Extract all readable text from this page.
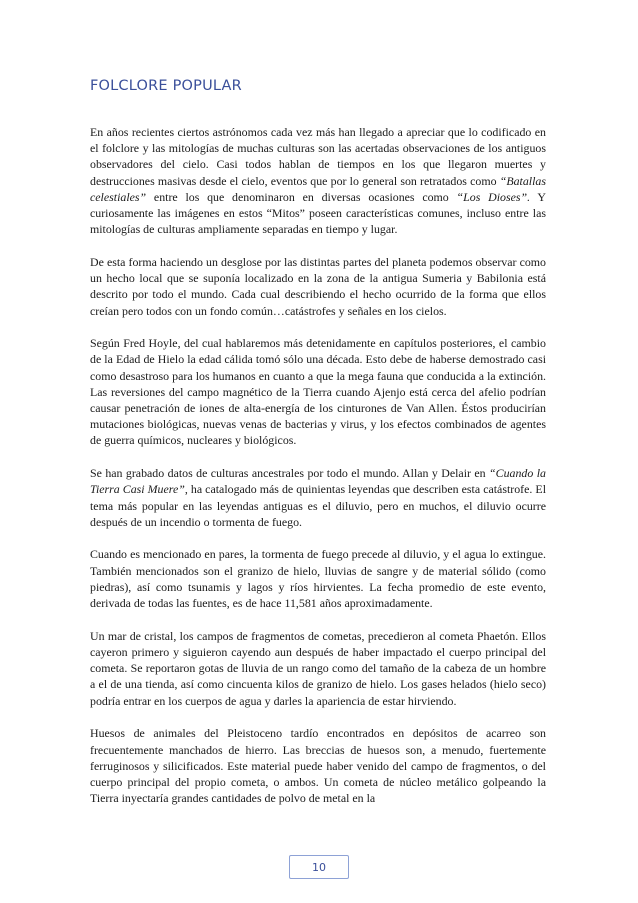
FOLCLORE POPULAR

En años recientes ciertos astrónomos cada vez más han llegado a apreciar que lo codificado en el folclore y las mitologías de muchas culturas son las acertadas observaciones de los antiguos observadores del cielo. Casi todos hablan de tiempos en los que llegaron muertes y destrucciones masivas desde el cielo, eventos que por lo general son retratados como “Batallas celestiales” entre los que denominaron en diversas ocasiones como “Los Dioses”. Y curiosamente las imágenes en estos “Mitos” poseen características comunes, incluso entre las mitologías de culturas ampliamente separadas en tiempo y lugar.

De esta forma haciendo un desglose por las distintas partes del planeta podemos observar como un hecho local que se suponía localizado en la zona de la antigua Sumeria y Babilonia está descrito por todo el mundo. Cada cual describiendo el hecho ocurrido de la forma que ellos creían pero todos con un fondo común…catástrofes y señales en los cielos.

Según Fred Hoyle, del cual hablaremos más detenidamente en capítulos posteriores, el cambio de la Edad de Hielo la edad cálida tomó sólo una década. Esto debe de haberse demostrado casi como desastroso para los humanos en cuanto a que la mega fauna que conducida a la extinción. Las reversiones del campo magnético de la Tierra cuando Ajenjo está cerca del afelio podrían causar penetración de iones de alta-energía de los cinturones de Van Allen. Éstos producirían mutaciones biológicas, nuevas venas de bacterias y virus, y los efectos combinados de agentes de guerra químicos, nucleares y biológicos.

Se han grabado datos de culturas ancestrales por todo el mundo. Allan y Delair en “Cuando la Tierra Casi Muere”, ha catalogado más de quinientas leyendas que describen esta catástrofe. El tema más popular en las leyendas antiguas es el diluvio, pero en muchos, el diluvio ocurre después de un incendio o tormenta de fuego.

Cuando es mencionado en pares, la tormenta de fuego precede al diluvio, y el agua lo extingue. También mencionados son el granizo de hielo, lluvias de sangre y de material sólido (como piedras), así como tsunamis y lagos y ríos hirvientes. La fecha promedio de este evento, derivada de todas las fuentes, es de hace 11,581 años aproximadamente.

Un mar de cristal, los campos de fragmentos de cometas, precedieron al cometa Phaetón. Ellos cayeron primero y siguieron cayendo aun después de haber impactado el cuerpo principal del cometa. Se reportaron gotas de lluvia de un rango como del tamaño de la cabeza de un hombre a el de una tienda, así como cincuenta kilos de granizo de hielo. Los gases helados (hielo seco) podría entrar en los cuerpos de agua y darles la apariencia de estar hirviendo.

Huesos de animales del Pleistoceno tardío encontrados en depósitos de acarreo son frecuentemente manchados de hierro. Las breccias de huesos son, a menudo, fuertemente ferruginosos y silicificados. Este material puede haber venido del campo de fragmentos, o del cuerpo principal del propio cometa, o ambos. Un cometa de núcleo metálico golpeando la Tierra inyectaría grandes cantidades de polvo de metal en la

10
